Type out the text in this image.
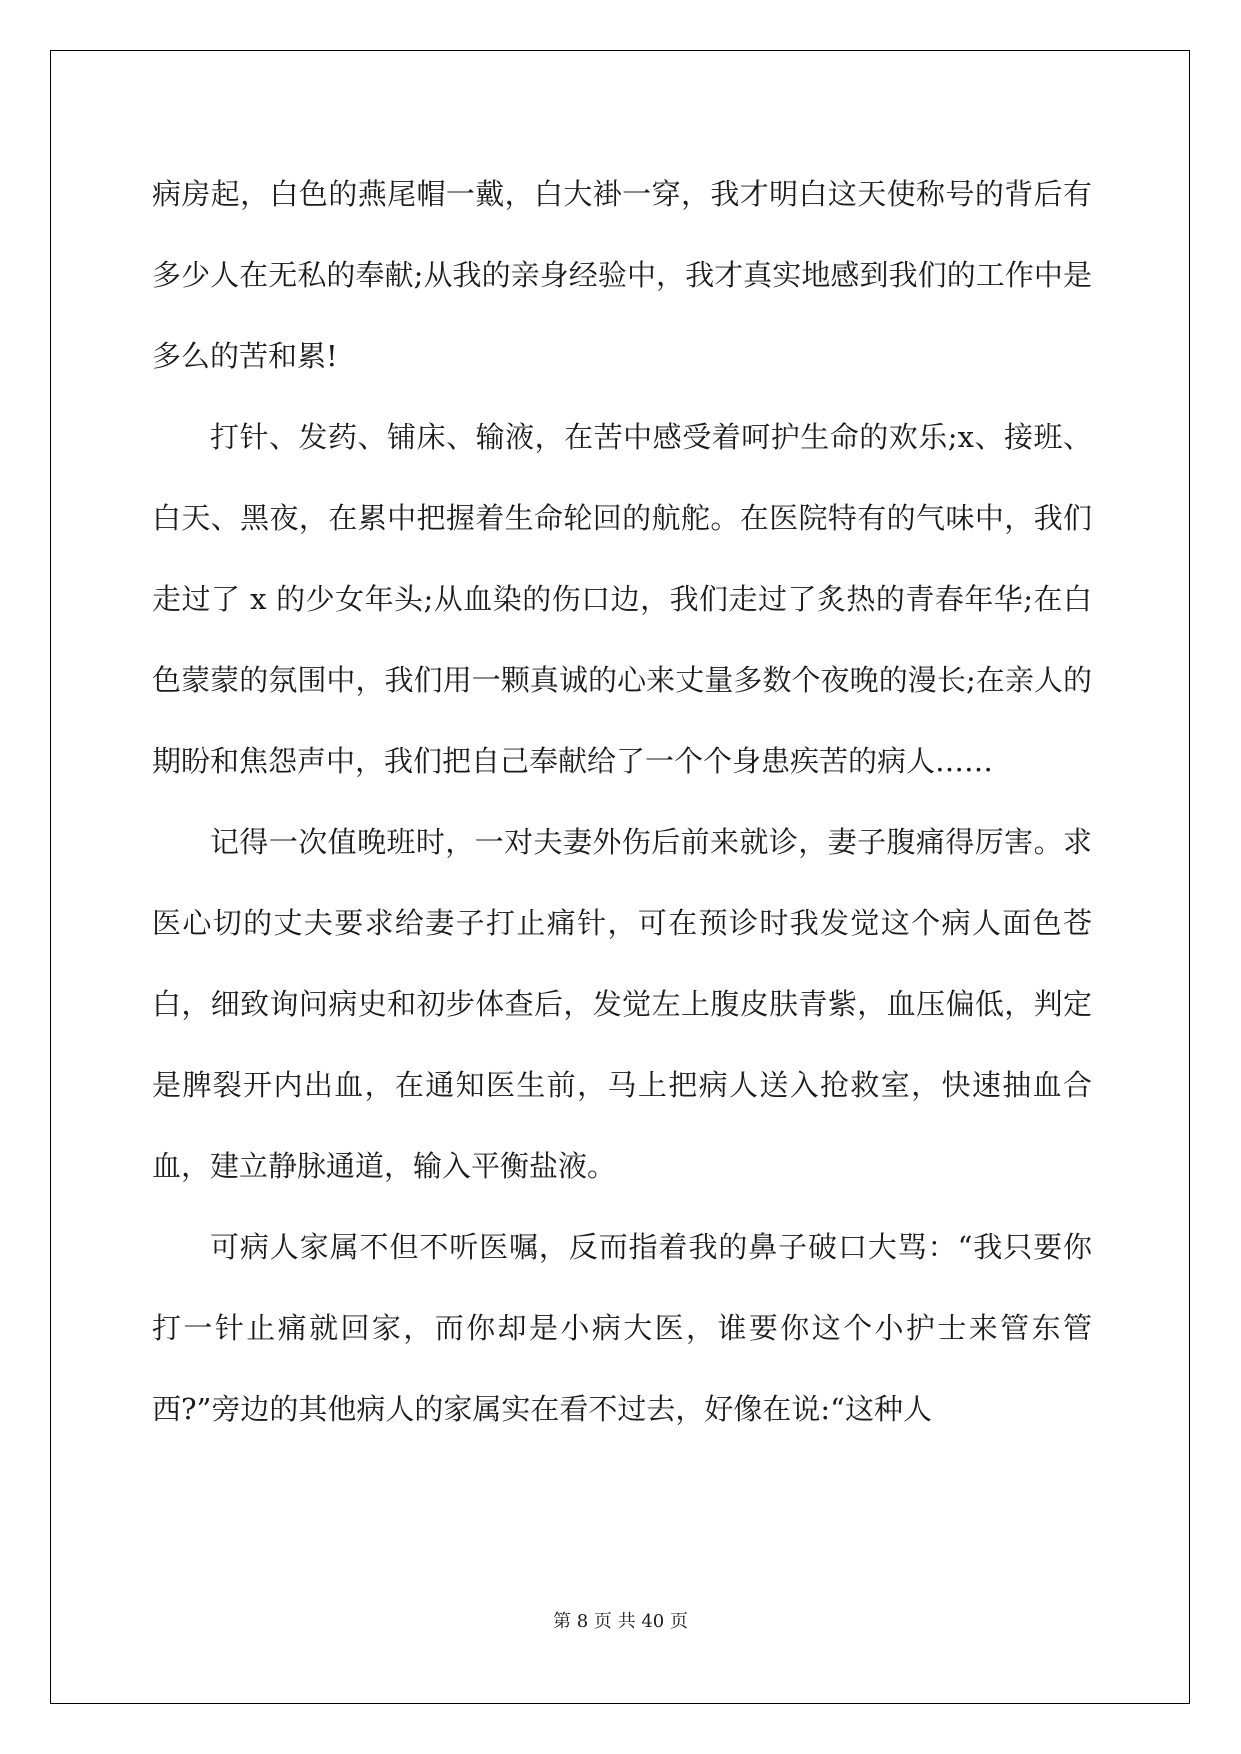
病房起，白色的燕尾帽一戴，白大褂一穿，我才明白这天使称号的背后有多少人在无私的奉献;从我的亲身经验中，我才真实地感到我们的工作中是多么的苦和累!

打针、发药、铺床、输液，在苦中感受着呵护生命的欢乐;x、接班、白天、黑夜，在累中把握着生命轮回的航舵。在医院特有的气味中，我们走过了 x 的少女年头;从血染的伤口边，我们走过了炙热的青春年华;在白色蒙蒙的氛围中，我们用一颗真诚的心来丈量多数个夜晚的漫长;在亲人的期盼和焦怨声中，我们把自己奉献给了一个个身患疾苦的病人……

记得一次值晚班时，一对夫妻外伤后前来就诊，妻子腹痛得厉害。求医心切的丈夫要求给妻子打止痛针，可在预诊时我发觉这个病人面色苍白，细致询问病史和初步体查后，发觉左上腹皮肤青紫，血压偏低，判定是脾裂开内出血，在通知医生前，马上把病人送入抢救室，快速抽血合血，建立静脉通道，输入平衡盐液。

可病人家属不但不听医嘱，反而指着我的鼻子破口大骂：“我只要你打一针止痛就回家，而你却是小病大医，谁要你这个小护士来管东管西?”旁边的其他病人的家属实在看不过去，好像在说:“这种人

第 8 页 共 40 页
